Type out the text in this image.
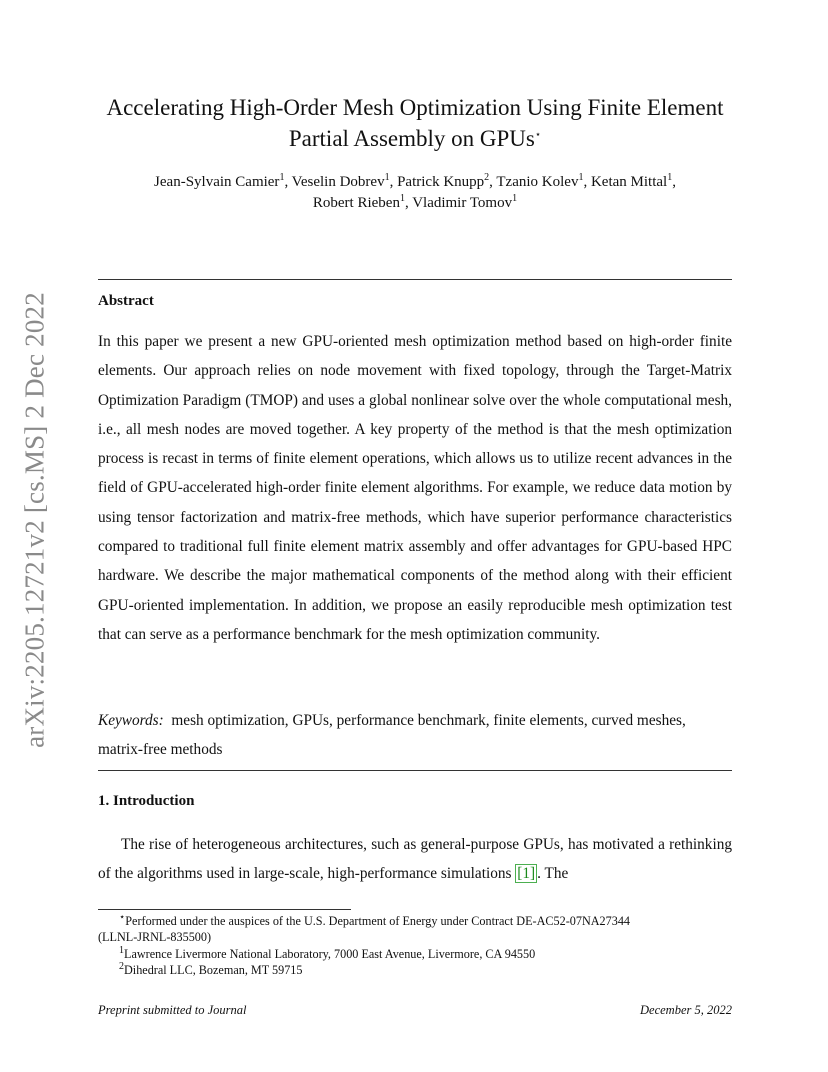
arXiv:2205.12721v2 [cs.MS] 2 Dec 2022
Accelerating High-Order Mesh Optimization Using Finite Element
Partial Assembly on GPUs⋆
Jean-Sylvain Camier$^1$, Veselin Dobrev$^1$, Patrick Knupp$^2$, Tzanio Kolev$^1$, Ketan Mittal$^1$,
Robert Rieben$^1$, Vladimir Tomov$^1$
Abstract
In this paper we present a new GPU-oriented mesh optimization method based on high-order finite elements. Our approach relies on node movement with fixed topology, through the Target-Matrix Optimization Paradigm (TMOP) and uses a global nonlinear solve over the whole computational mesh, i.e., all mesh nodes are moved together. A key property of the method is that the mesh optimization process is recast in terms of finite element operations, which allows us to utilize recent advances in the field of GPU-accelerated high-order finite element algorithms. For example, we reduce data motion by using tensor factorization and matrix-free methods, which have superior performance characteristics compared to traditional full finite element matrix assembly and offer advantages for GPU-based HPC hardware. We describe the major mathematical components of the method along with their efficient GPU-oriented implementation. In addition, we propose an easily reproducible mesh optimization test that can serve as a performance benchmark for the mesh optimization community.
Keywords: mesh optimization, GPUs, performance benchmark, finite elements, curved meshes, matrix-free methods
1. Introduction
The rise of heterogeneous architectures, such as general-purpose GPUs, has motivated a rethinking of the algorithms used in large-scale, high-performance simulations [1] . The
⋆Performed under the auspices of the U.S. Department of Energy under Contract DE-AC52-07NA27344
(LLNL-JRNL-835500)
$^1$Lawrence Livermore National Laboratory, 7000 East Avenue, Livermore, CA 94550
$^2$Dihedral LLC, Bozeman, MT 59715
Preprint submitted to Journal	December 5, 2022
